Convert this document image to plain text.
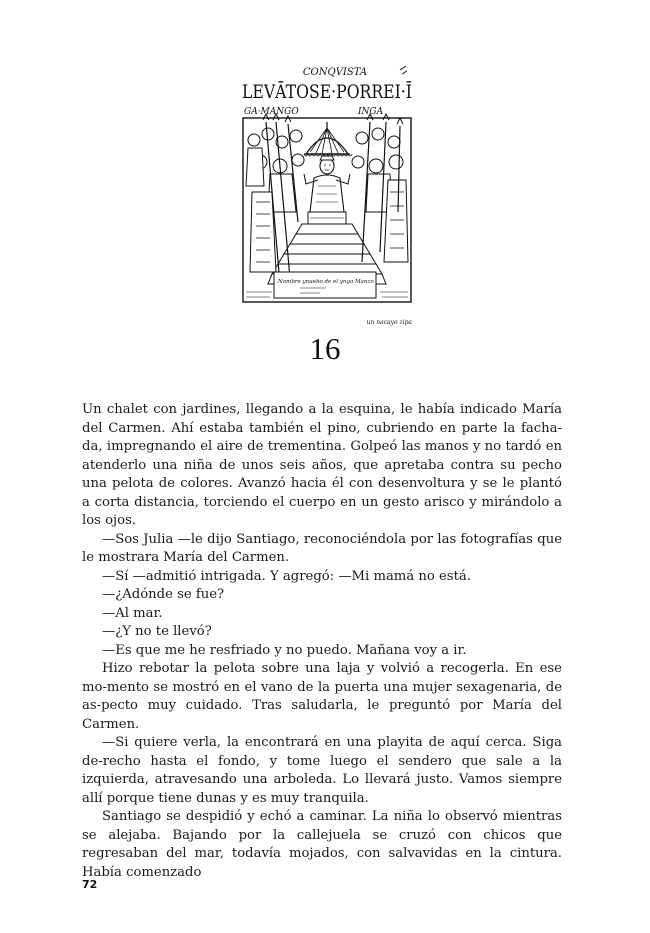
CONQVISTA
LEVĀTOSE·PORREI·Ī
GA·MANGO	INGA
Nombre ynuebo de el ynga Manco
un nacayo zipa
16

Un chalet con jardines, llegando a la esquina, le había indicado María del Carmen. Ahí estaba también el pino, cubriendo en parte la facha-da, impregnando el aire de trementina. Golpeó las manos y no tardó en atenderlo una niña de unos seis años, que apretaba contra su pecho una pelota de colores. Avanzó hacia él con desenvoltura y se le plantó a corta distancia, torciendo el cuerpo en un gesto arisco y mirándolo a los ojos.

—Sos Julia —le dijo Santiago, reconociéndola por las fotografías que le mostrara María del Carmen.

—Sí —admitió intrigada. Y agregó: —Mi mamá no está.

—¿Adónde se fue?

—Al mar.

—¿Y no te llevó?

—Es que me he resfriado y no puedo. Mañana voy a ir.

Hizo rebotar la pelota sobre una laja y volvió a recogerla. En ese mo-mento se mostró en el vano de la puerta una mujer sexagenaria, de as-pecto muy cuidado. Tras saludarla, le preguntó por María del Carmen.

—Si quiere verla, la encontrará en una playita de aquí cerca. Siga de-recho hasta el fondo, y tome luego el sendero que sale a la izquierda, atravesando una arboleda. Lo llevará justo. Vamos siempre allí porque tiene dunas y es muy tranquila.

Santiago se despidió y echó a caminar. La niña lo observó mientras se alejaba. Bajando por la callejuela se cruzó con chicos que regresaban del mar, todavía mojados, con salvavidas en la cintura. Había comenzado

72
